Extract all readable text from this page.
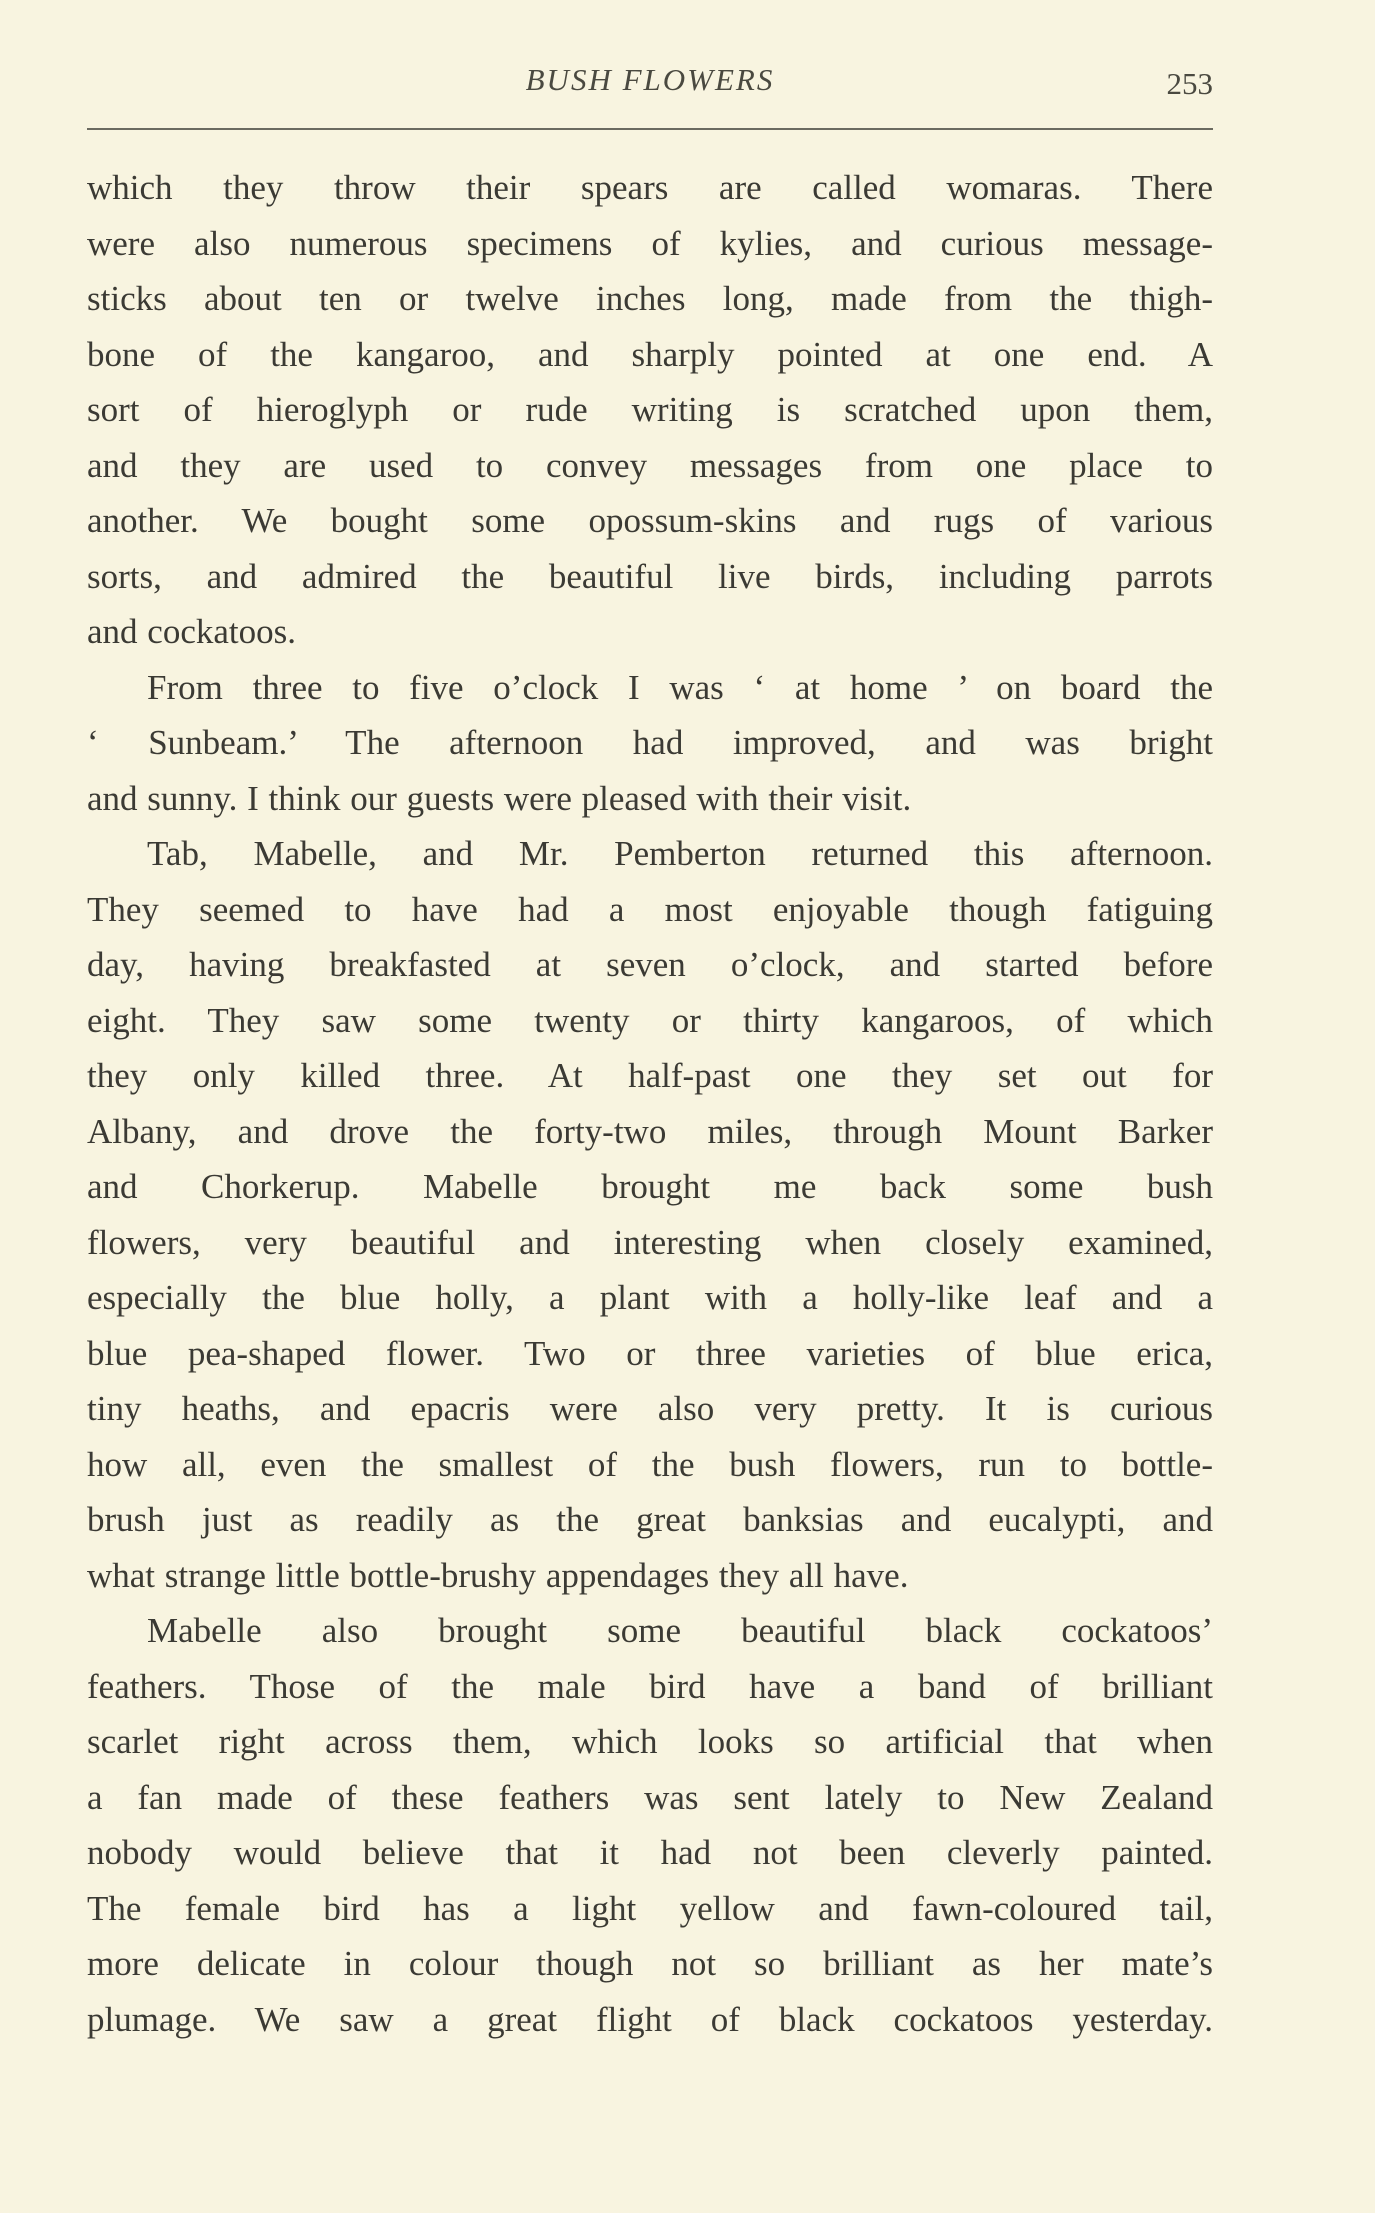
BUSH FLOWERS	253
which they throw their spears are called womaras. There
were also numerous specimens of kylies, and curious message-
sticks about ten or twelve inches long, made from the thigh-
bone of the kangaroo, and sharply pointed at one end. A
sort of hieroglyph or rude writing is scratched upon them,
and they are used to convey messages from one place to
another. We bought some opossum-skins and rugs of various
sorts, and admired the beautiful live birds, including parrots
and cockatoos.
From three to five o’clock I was ‘ at home ’ on board the
‘ Sunbeam.’ The afternoon had improved, and was bright
and sunny. I think our guests were pleased with their visit.
Tab, Mabelle, and Mr. Pemberton returned this afternoon.
They seemed to have had a most enjoyable though fatiguing
day, having breakfasted at seven o’clock, and started before
eight. They saw some twenty or thirty kangaroos, of which
they only killed three. At half-past one they set out for
Albany, and drove the forty-two miles, through Mount Barker
and Chorkerup. Mabelle brought me back some bush
flowers, very beautiful and interesting when closely examined,
especially the blue holly, a plant with a holly-like leaf and a
blue pea-shaped flower. Two or three varieties of blue erica,
tiny heaths, and epacris were also very pretty. It is curious
how all, even the smallest of the bush flowers, run to bottle-
brush just as readily as the great banksias and eucalypti, and
what strange little bottle-brushy appendages they all have.
Mabelle also brought some beautiful black cockatoos’
feathers. Those of the male bird have a band of brilliant
scarlet right across them, which looks so artificial that when
a fan made of these feathers was sent lately to New Zealand
nobody would believe that it had not been cleverly painted.
The female bird has a light yellow and fawn-coloured tail,
more delicate in colour though not so brilliant as her mate’s
plumage. We saw a great flight of black cockatoos yesterday.
